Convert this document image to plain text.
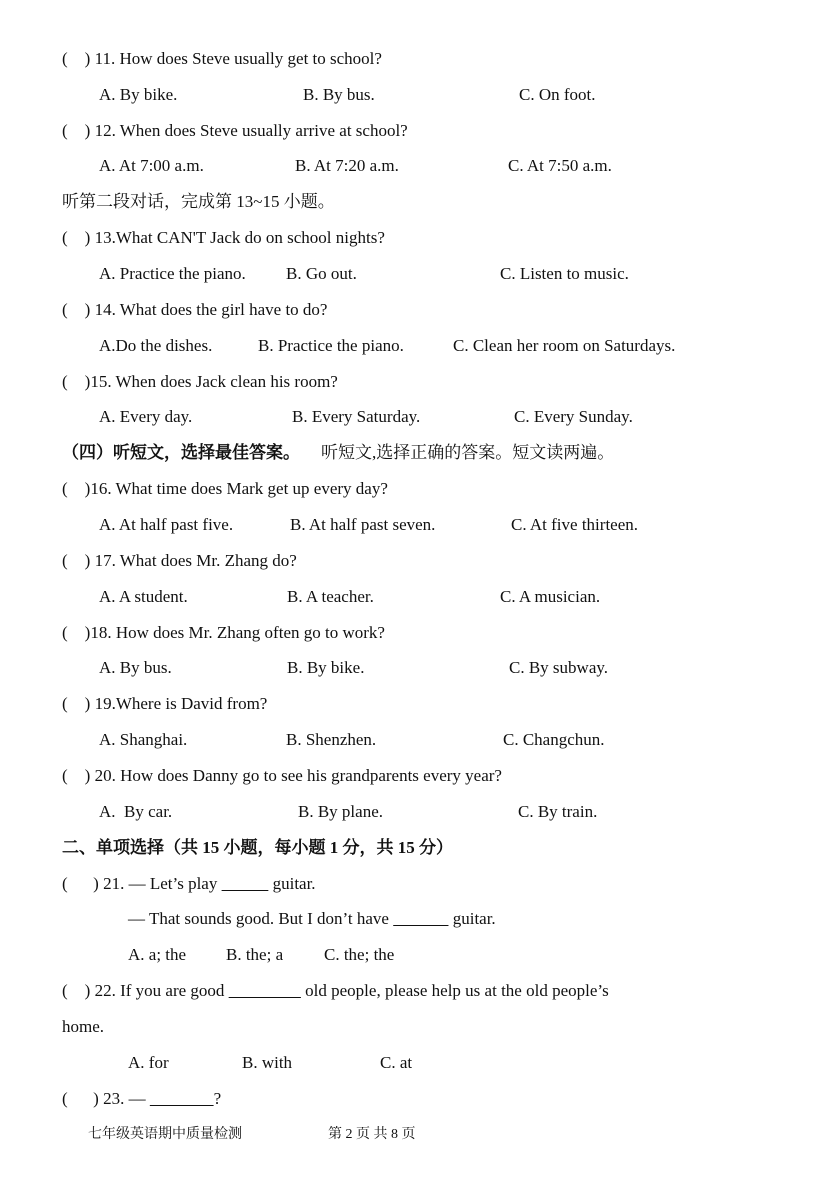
(    ) 11. How does Steve usually get to school?
A. By bike.	B. By bus.	C. On foot.
(    ) 12. When does Steve usually arrive at school?
A. At 7:00 a.m.	B. At 7:20 a.m.	C. At 7:50 a.m.
听第二段对话，完成第 13~15 小题。
(    ) 13.What CAN'T Jack do on school nights?
A. Practice the piano. B. Go out.	C. Listen to music.
(    ) 14. What does the girl have to do?
A.Do the dishes.	B. Practice the piano.	C. Clean her room on Saturdays.
(    )15. When does Jack clean his room?
A. Every day.	B. Every Saturday.	C. Every Sunday.
（四）听短文，选择最佳答案。 听短文,选择正确的答案。短文读两遍。
(    )16. What time does Mark get up every day?
A. At half past five.	B. At half past seven.	C. At five thirteen.
(    ) 17. What does Mr. Zhang do?
A. A student.	B. A teacher.	C. A musician.
(    )18. How does Mr. Zhang often go to work?
A. By bus.	B. By bike.	C. By subway.
(    ) 19.Where is David from?
A. Shanghai.	B. Shenzhen.	C. Changchun.
(    ) 20. How does Danny go to see his grandparents every year?
A.  By car.	B. By plane.	C. By train.
二、单项选择（共 15 小题，每小题 1 分，共 15 分）
(      ) 21. — Let’s play	guitar.
— That sounds good. But I don’t have	guitar.
A. a; the B. the; a C. the; the
(    ) 22. If you are good	old people, please help us at the old people’s
home.
A. for	B. with	C. at
(      ) 23. —	?
七年级英语期中质量检测	第 2 页 共 8 页
